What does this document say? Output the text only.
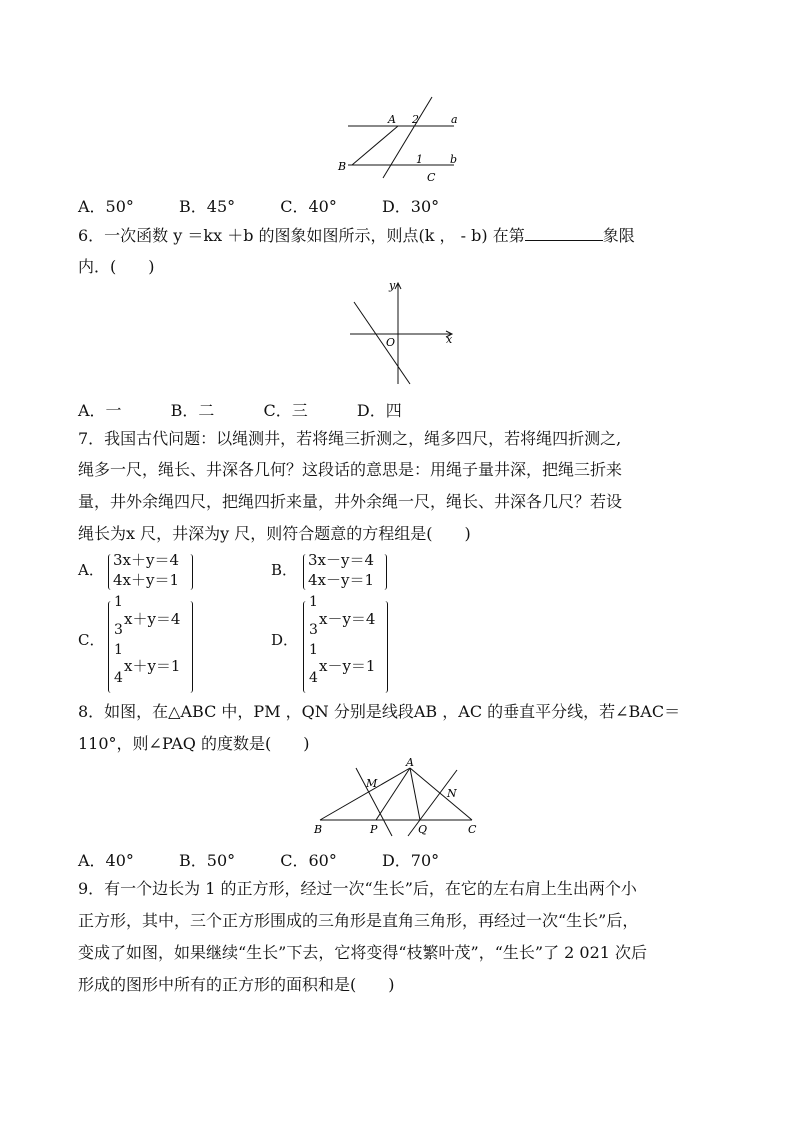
A 2	a
B
1 b
C
A．50°	B．45°	C．40°	D．30°
6．一次函数 y ＝kx ＋b 的图象如图所示，则点(k ， - b) 在第	象限
内．(　　)
y
O	x
A．一	B．二	C．三	D．四
7．我国古代问题：以绳测井，若将绳三折测之，绳多四尺，若将绳四折测之,
绳多一尺，绳长、井深各几何？这段话的意思是：用绳子量井深，把绳三折来
量，井外余绳四尺，把绳四折来量，井外余绳一尺，绳长、井深各几尺？若设
绳长为x 尺，井深为y 尺，则符合题意的方程组是(　　)
A．
3x＋y＝4
4x＋y＝1
B．
3x－y＝4
4x－y＝1
C．
1
3
x＋y＝4
1
4
x＋y＝1
D．
1
3
x－y＝4
1
4
x－y＝1
8．如图，在△ABC 中，PM ，QN 分别是线段AB ，AC 的垂直平分线，若∠BAC＝
110°，则∠PAQ 的度数是(　　)
A
M
N
B	P	Q	C
A．40°	B．50°	C．60°	D．70°
9．有一个边长为 1 的正方形，经过一次“生长”后，在它的左右肩上生出两个小
正方形，其中，三个正方形围成的三角形是直角三角形，再经过一次“生长”后，
变成了如图，如果继续“生长”下去，它将变得“枝繁叶茂”，“生长”了 2 021 次后
形成的图形中所有的正方形的面积和是(　　)
